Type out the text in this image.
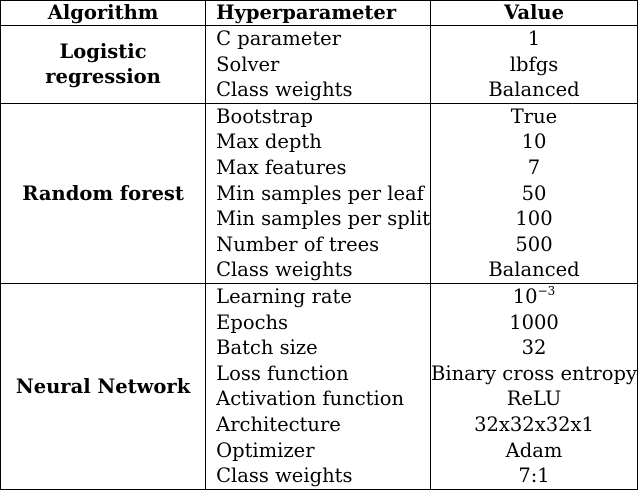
Algorithm	Hyperparameter	Value
Logistic regression	C parameter	1
	Solver	lbfgs
	Class weights	Balanced
Random forest	Bootstrap	True
	Max depth	10
	Max features	7
	Min samples per leaf	50
	Min samples per split	100
	Number of trees	500
	Class weights	Balanced
Neural Network	Learning rate	$10^{-3}$
	Epochs	1000
	Batch size	32
	Loss function	Binary cross entropy
	Activation function	ReLU
	Architecture	32x32x32x1
	Optimizer	Adam
	Class weights	7:1
